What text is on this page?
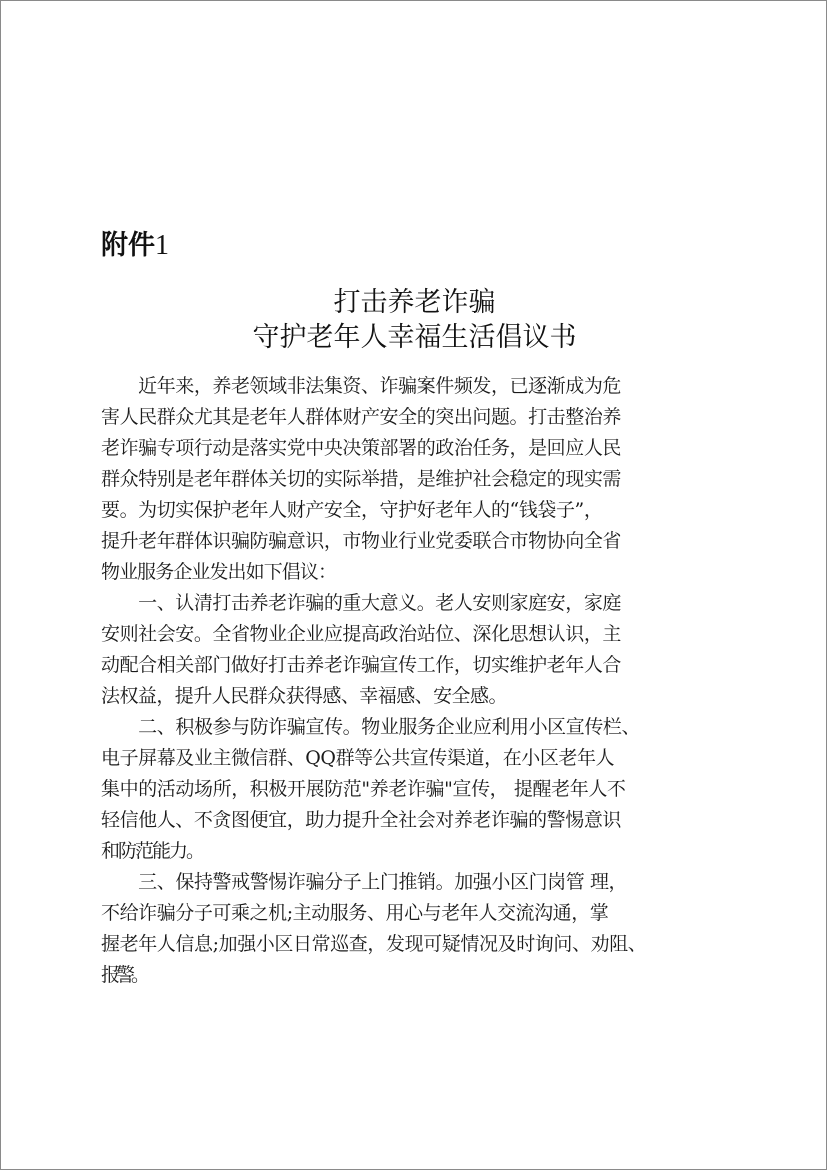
附件1
打击养老诈骗
守护老年人幸福生活倡议书
　　近年来，养老领域非法集资、诈骗案件频发，已逐渐成为危
害人民群众尤其是老年人群体财产安全的突出问题。打击整治养
老诈骗专项行动是落实党中央决策部署的政治任务，是回应人民
群众特别是老年群体关切的实际举措，是维护社会稳定的现实需
要。为切实保护老年人财产安全，守护好老年人的“钱袋子”，
提升老年群体识骗防骗意识，市物业行业党委联合市物协向全省
物业服务企业发出如下倡议：
　　一、认清打击养老诈骗的重大意义。老人安则家庭安，家庭
安则社会安。全省物业企业应提高政治站位、深化思想认识，主
动配合相关部门做好打击养老诈骗宣传工作，切实维护老年人合
法权益，提升人民群众获得感、幸福感、安全感。
　　二、积极参与防诈骗宣传。物业服务企业应利用小区宣传栏、
电子屏幕及业主微信群、QQ群等公共宣传渠道，在小区老年人
集中的活动场所，积极开展防范"养老诈骗"宣传， 提醒老年人不
轻信他人、不贪图便宜，助力提升全社会对养老诈骗的警惕意识
和防范能力。
　　三、保持警戒警惕诈骗分子上门推销。加强小区门岗管 理，
不给诈骗分子可乘之机;主动服务、用心与老年人交流沟通，掌
握老年人信息;加强小区日常巡查，发现可疑情况及时询问、劝阻、
报警。
